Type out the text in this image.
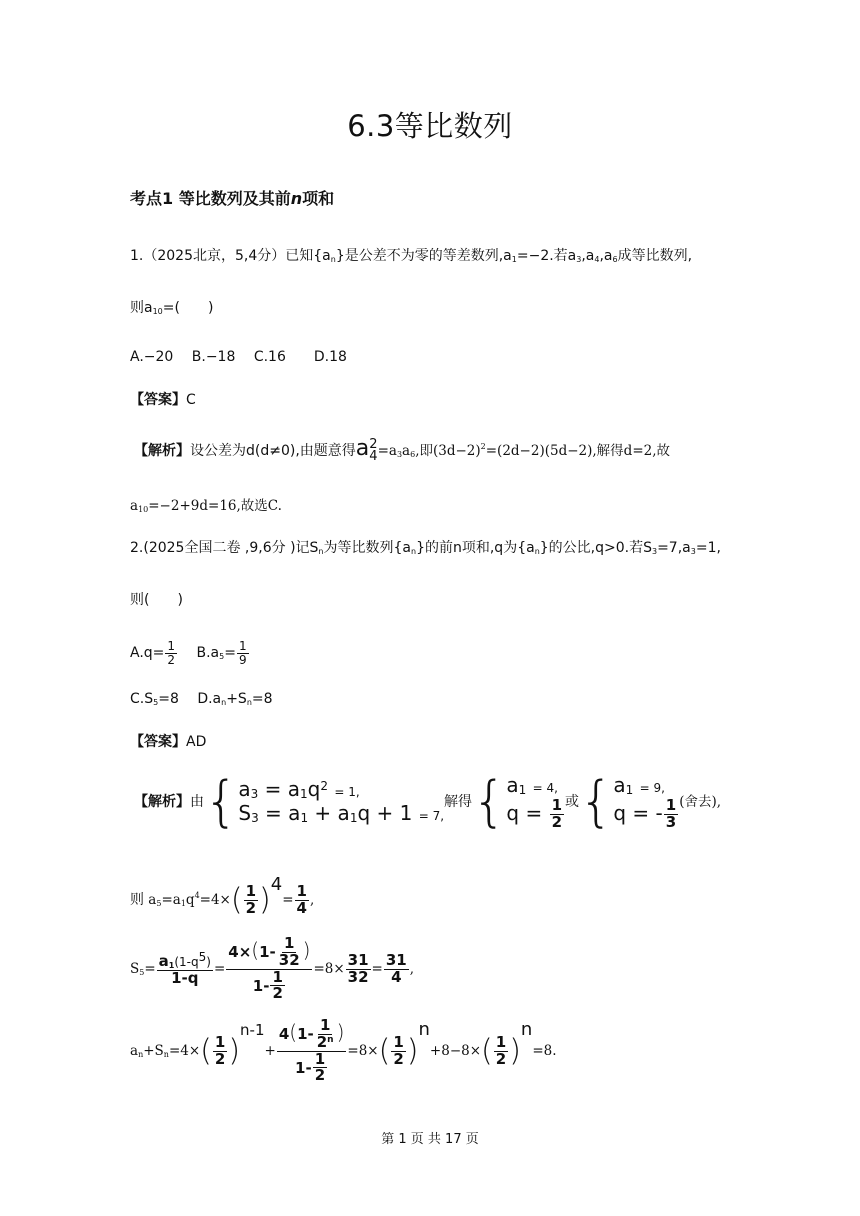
6.3等比数列
考点1 等比数列及其前n项和
1.（2025北京，5,4分）已知$\{a_n\}$是公差不为零的等差数列$,a_1=-2$.若$a_3,a_4,a_6$成等比数列,
则$a_{10}=$(　　)
A.−20　 B.−18　 C.16　　D.18
【答案】C
【解析】设公差为d(d≠0),由题意得a 2
$4 =a_3a_6$,即$(3d-2)^2=(2d-2)(5d-2)$,解得d=2,故
$a_{10}=-2+9d=16$,故选C.
2.(2025全国二卷 ,9,6分 )记$S_n$为等比数列$\{a_n\}$的前n项和,q为$\{a_n\}$的公比,q>0.若$S_3=7,a_3=1$,
则(　　)
$A.q= \frac{1}{2}$
　 $B.a_5= \frac{1}{9}$
$C.S_5=8$　 $D.a_n+S_n=8$
【答案】AD
【解析】由{ $a_3 = a_1q^2 = 1$,
$S_3 = a_1 + a_1q + 1 = 7$,
解得{ $a_1 = 4$,
$q = \frac{1}{2}$ 或{ $a_1 = 9$,
q = - $\frac{1}{3}$ (舍去),
则 $a_5=a_1q^4=4\times( \frac{1}{2} )^4= \frac{1}{4}$ ,
$S_5= \frac{a_1(1-q^5)}{1-q} = \frac{4\times(1- \frac{1}{32} )}{1- \frac{1}{2}} =8\times \frac{31}{32} = \frac{31}{4}$ ,
$a_n+S_n=4\times( \frac{1}{2} )^{n-1}+ \frac{4(1- \frac{1}{2^n} )}{1- \frac{1}{2}} =8\times( \frac{1}{2} )^n+8-8\times( \frac{1}{2} )^n=8$.
第 1 页 共 17 页
